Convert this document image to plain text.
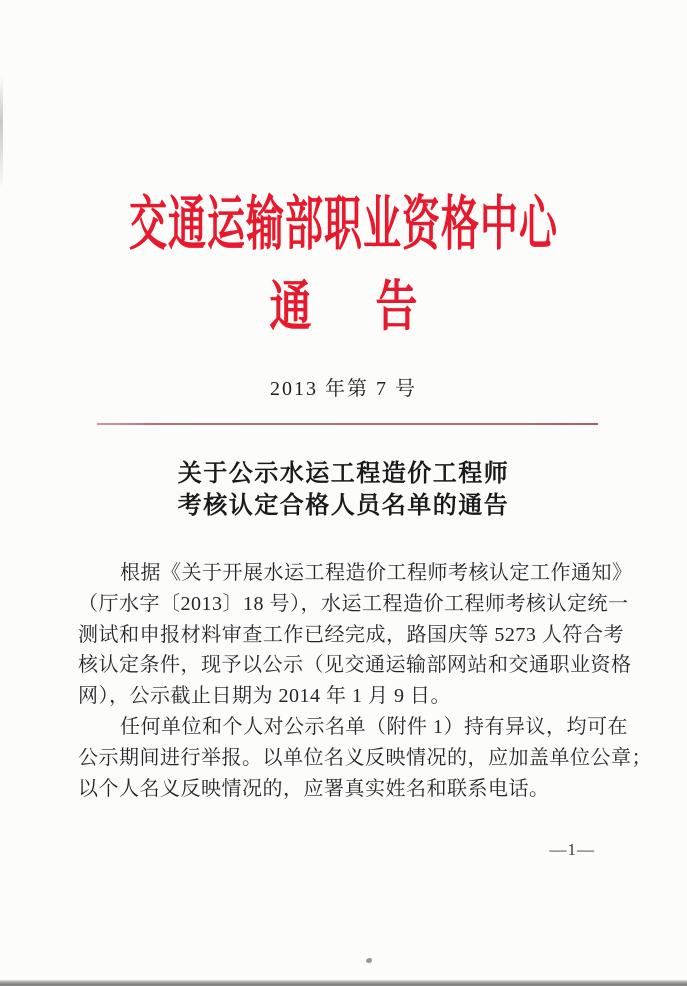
交通运输部职业资格中心
通告
2013 年第 7 号
关于公示水运工程造价工程师
考核认定合格人员名单的通告
根据《关于开展水运工程造价工程师考核认定工作通知》
（厅水字〔2013〕18 号），水运工程造价工程师考核认定统一
测试和申报材料审查工作已经完成，路国庆等 5273 人符合考
核认定条件，现予以公示（见交通运输部网站和交通职业资格
网），公示截止日期为 2014 年 1 月 9 日。
任何单位和个人对公示名单（附件 1）持有异议，均可在
公示期间进行举报。以单位名义反映情况的，应加盖单位公章；
以个人名义反映情况的，应署真实姓名和联系电话。
—1—
